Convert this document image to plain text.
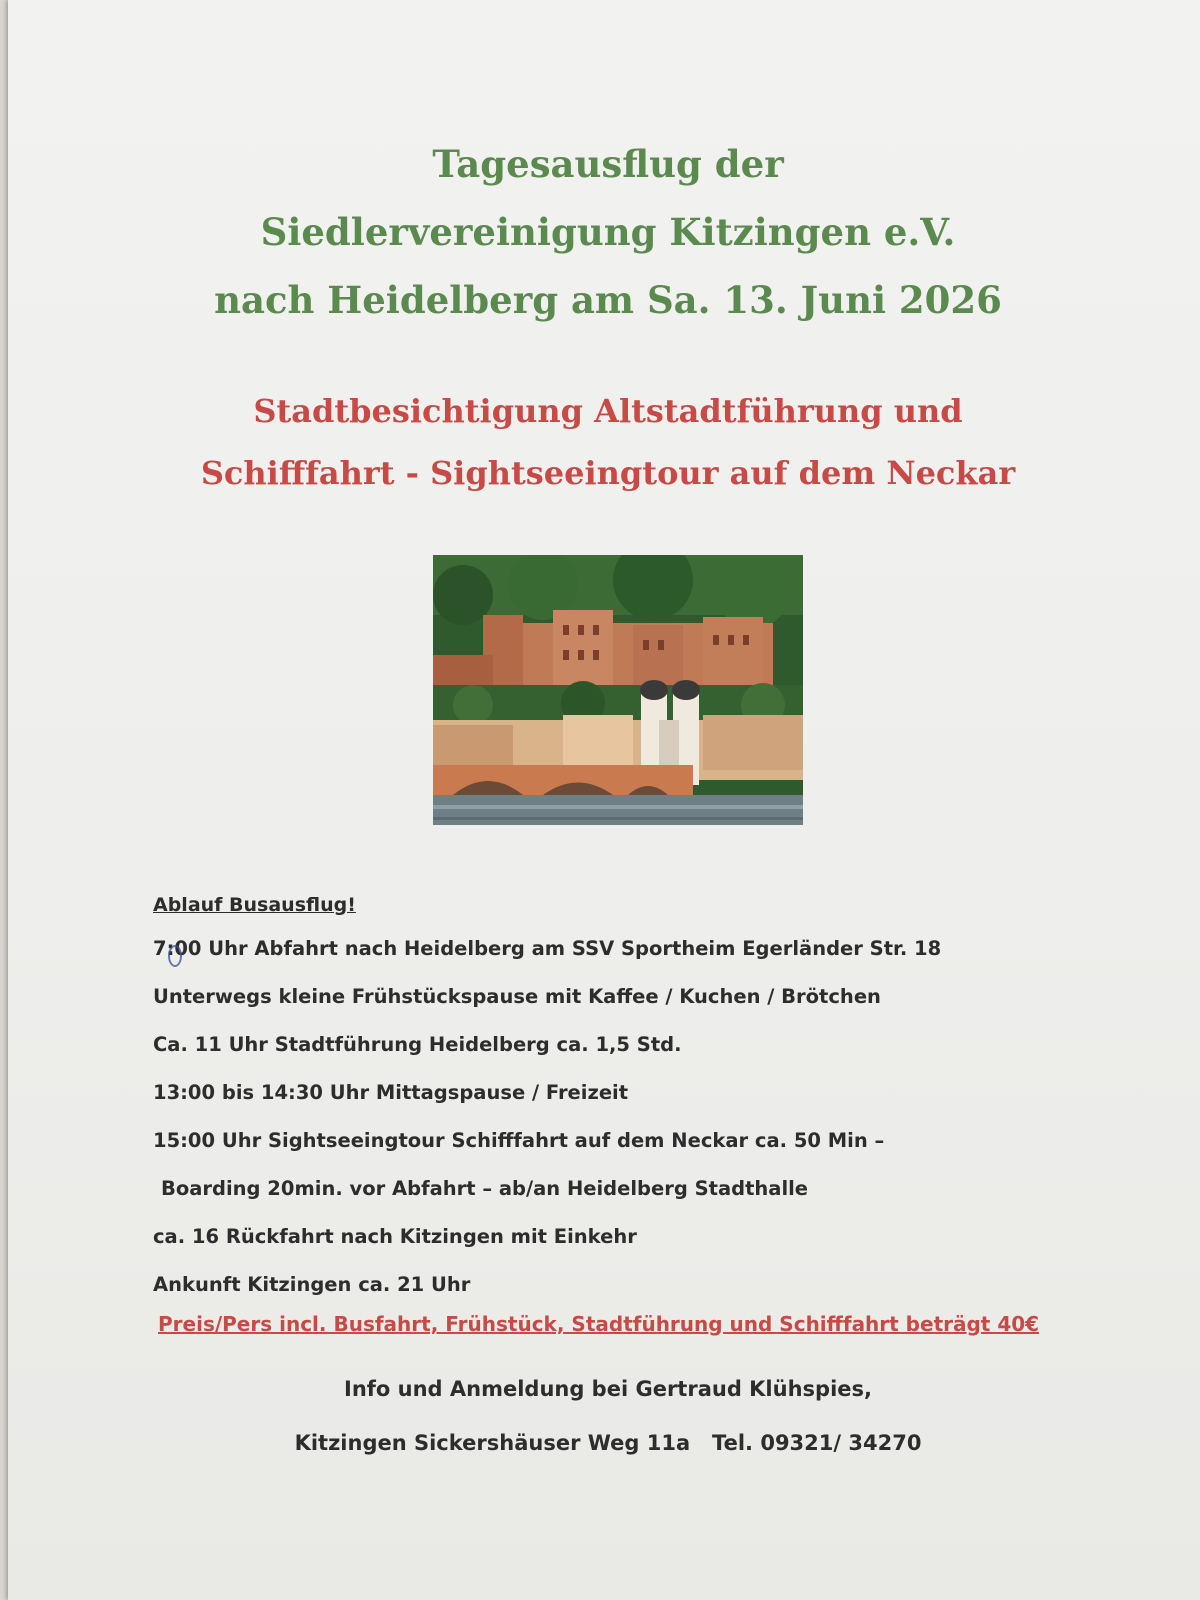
Tagesausflug der
Siedlervereinigung Kitzingen e.V.
nach Heidelberg am Sa. 13. Juni 2026
Stadtbesichtigung Altstadtführung und
Schifffahrt - Sightseeingtour auf dem Neckar
Ablauf Busausflug!
7:00 Uhr Abfahrt nach Heidelberg am SSV Sportheim Egerländer Str. 18
Unterwegs kleine Frühstückspause mit Kaffee / Kuchen / Brötchen
Ca. 11 Uhr Stadtführung Heidelberg ca. 1,5 Std.
13:00 bis 14:30 Uhr Mittagspause / Freizeit
15:00 Uhr Sightseeingtour Schifffahrt auf dem Neckar ca. 50 Min –
Boarding 20min. vor Abfahrt – ab/an Heidelberg Stadthalle
ca. 16 Rückfahrt nach Kitzingen mit Einkehr
Ankunft Kitzingen ca. 21 Uhr
Preis/Pers incl. Busfahrt, Frühstück, Stadtführung und Schifffahrt beträgt 40€
Info und Anmeldung bei Gertraud Klühspies,
Kitzingen Sickershäuser Weg 11a   Tel. 09321/ 34270
